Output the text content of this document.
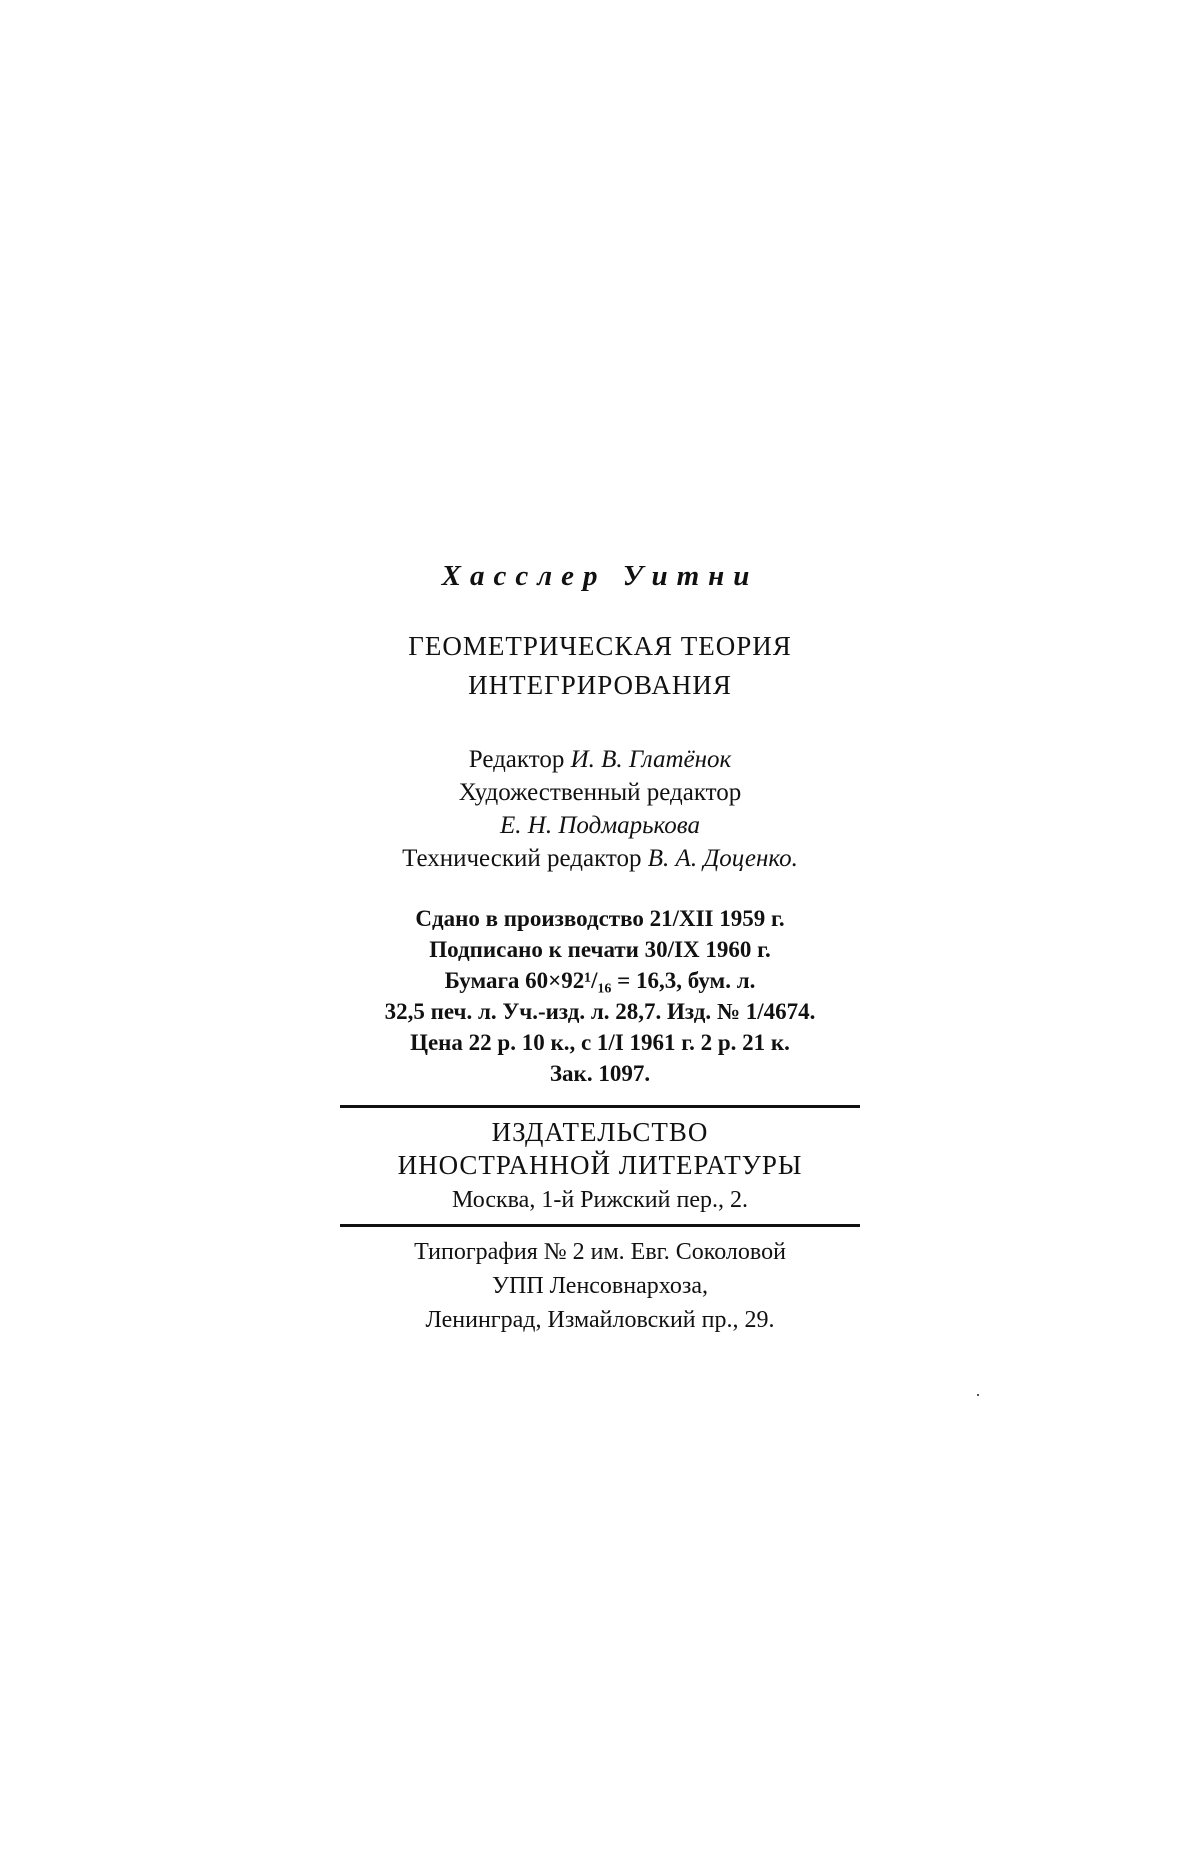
Хасслер Уитни
ГЕОМЕТРИЧЕСКАЯ ТЕОРИЯ
ИНТЕГРИРОВАНИЯ
Редактор И. В. Глатёнок
Художественный редактор
Е. Н. Подмарькова
Технический редактор В. А. Доценко.
Сдано в производство 21/XII 1959 г.
Подписано к печати 30/IX 1960 г.
Бумага 60×92¹/₁₆ = 16,3, бум. л.
32,5 печ. л. Уч.-изд. л. 28,7. Изд. № 1/4674.
Цена 22 р. 10 к., с 1/I 1961 г. 2 р. 21 к.
Зак. 1097.
ИЗДАТЕЛЬСТВО
ИНОСТРАННОЙ ЛИТЕРАТУРЫ
Москва, 1-й Рижский пер., 2.
Типография № 2 им. Евг. Соколовой
УПП Ленсовнархоза,
Ленинград, Измайловский пр., 29.
